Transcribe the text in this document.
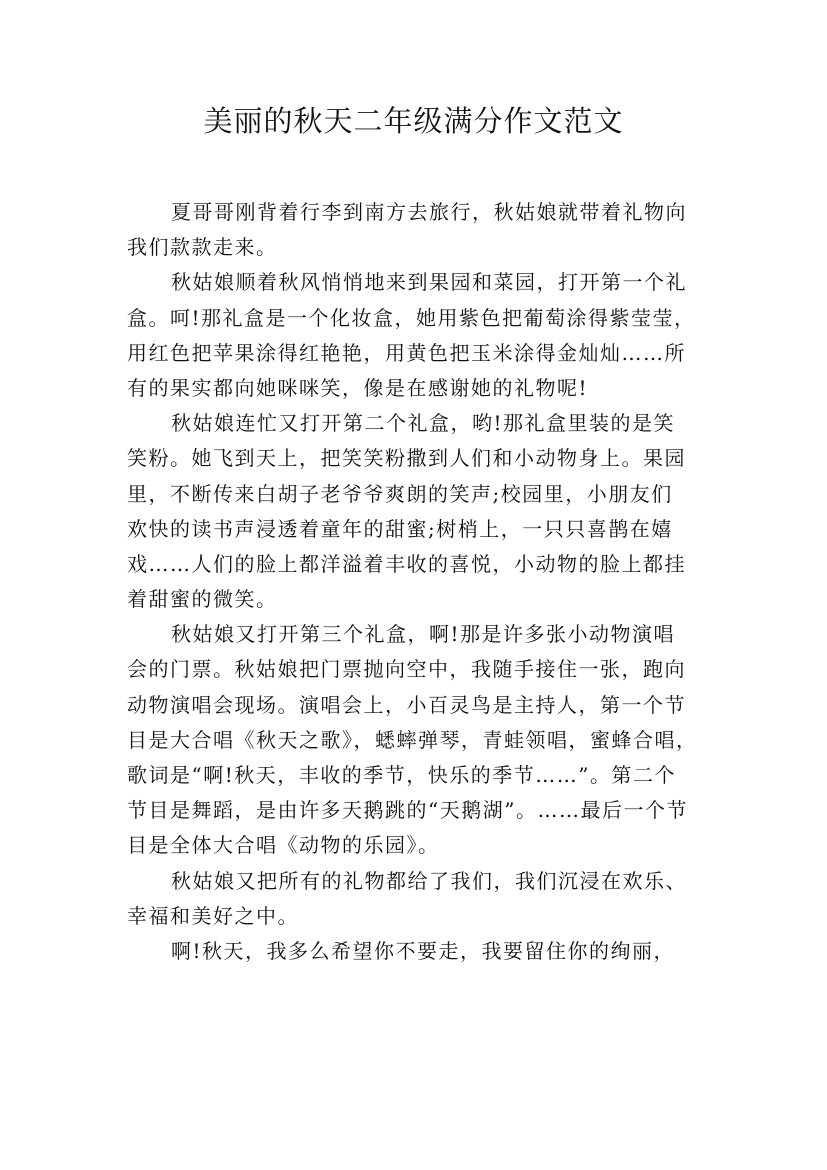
美丽的秋天二年级满分作文范文

夏哥哥刚背着行李到南方去旅行，秋姑娘就带着礼物向
我们款款走来。

秋姑娘顺着秋风悄悄地来到果园和菜园，打开第一个礼
盒。呵!那礼盒是一个化妆盒，她用紫色把葡萄涂得紫莹莹，
用红色把苹果涂得红艳艳，用黄色把玉米涂得金灿灿……所
有的果实都向她咪咪笑，像是在感谢她的礼物呢!

秋姑娘连忙又打开第二个礼盒，哟!那礼盒里装的是笑
笑粉。她飞到天上，把笑笑粉撒到人们和小动物身上。果园
里，不断传来白胡子老爷爷爽朗的笑声;校园里，小朋友们
欢快的读书声浸透着童年的甜蜜;树梢上，一只只喜鹊在嬉
戏……人们的脸上都洋溢着丰收的喜悦，小动物的脸上都挂
着甜蜜的微笑。

秋姑娘又打开第三个礼盒，啊!那是许多张小动物演唱
会的门票。秋姑娘把门票抛向空中，我随手接住一张，跑向
动物演唱会现场。演唱会上，小百灵鸟是主持人，第一个节
目是大合唱《秋天之歌》，蟋蟀弹琴，青蛙领唱，蜜蜂合唱，
歌词是“啊!秋天，丰收的季节，快乐的季节……”。第二个
节目是舞蹈，是由许多天鹅跳的“天鹅湖”。……最后一个节
目是全体大合唱《动物的乐园》。

秋姑娘又把所有的礼物都给了我们，我们沉浸在欢乐、
幸福和美好之中。

啊!秋天，我多么希望你不要走，我要留住你的绚丽，
